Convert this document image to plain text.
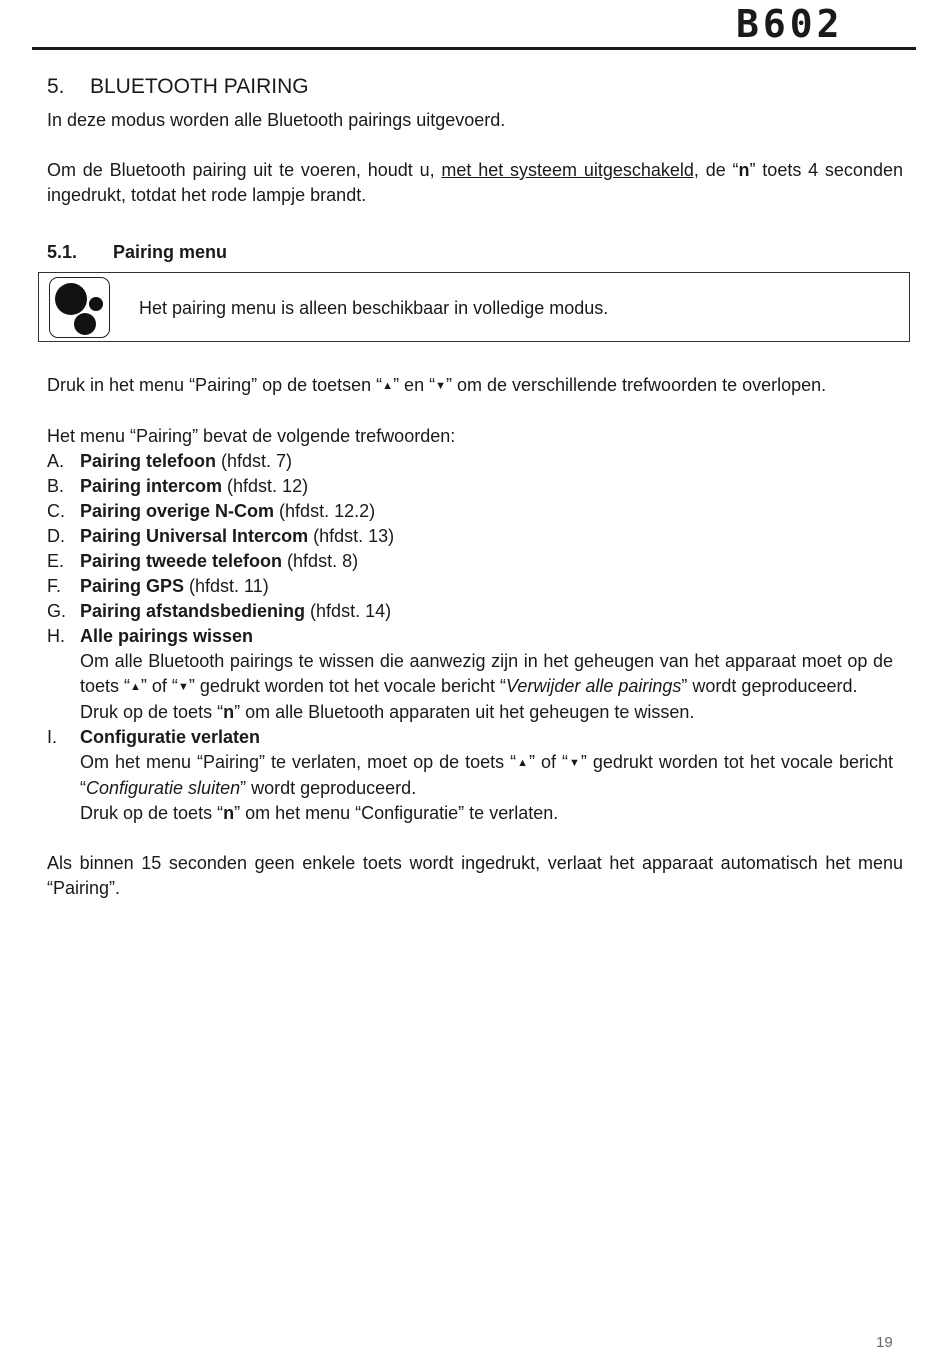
B602
5. BLUETOOTH PAIRING

In deze modus worden alle Bluetooth pairings uitgevoerd.

Om de Bluetooth pairing uit te voeren, houdt u, met het systeem uitgeschakeld, de “n” toets 4 seconden ingedrukt, totdat het rode lampje brandt.

5.1. Pairing menu
Het pairing menu is alleen beschikbaar in volledige modus.

Druk in het menu “Pairing” op de toetsen “▲” en “▼” om de verschillende trefwoorden te overlopen.

Het menu “Pairing” bevat de volgende trefwoorden:

A. Pairing telefoon (hfdst. 7)
B. Pairing intercom (hfdst. 12)
C. Pairing overige N-Com (hfdst. 12.2)
D. Pairing Universal Intercom (hfdst. 13)
E. Pairing tweede telefoon (hfdst. 8)
F. Pairing GPS (hfdst. 11)
G. Pairing afstandsbediening (hfdst. 14)
H. Alle pairings wissen
Om alle Bluetooth pairings te wissen die aanwezig zijn in het geheugen van het apparaat moet op de toets “▲” of “▼” gedrukt worden tot het vocale bericht “Verwijder alle pairings” wordt geproduceerd.
Druk op de toets “n” om alle Bluetooth apparaten uit het geheugen te wissen.
I. Configuratie verlaten
Om het menu “Pairing” te verlaten, moet op de toets “▲” of “▼” gedrukt worden tot het vocale bericht “Configuratie sluiten” wordt geproduceerd.
Druk op de toets “n” om het menu “Configuratie” te verlaten.

Als binnen 15 seconden geen enkele toets wordt ingedrukt, verlaat het apparaat automatisch het menu “Pairing”.

19
